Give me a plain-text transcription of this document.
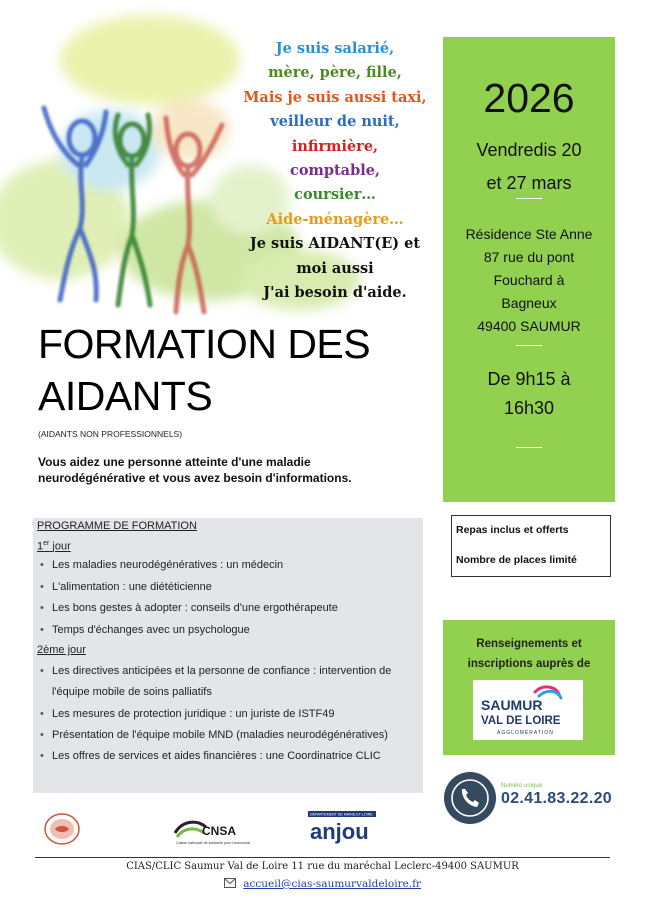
Je suis salarié,
mère, père, fille,
Mais je suis aussi taxi,
veilleur de nuit,
infirmière,
comptable,
coursier…
Aide-ménagère…
Je suis AIDANT(E) et
moi aussi
J'ai besoin d'aide.
FORMATION DES
AIDANTS
(AIDANTS NON PROFESSIONNELS)
Vous aidez une personne atteinte d'une maladie neurodégénérative et vous avez besoin d'informations.
PROGRAMME DE FORMATION
1er jour
• Les maladies neurodégénératives : un médecin
• L'alimentation : une diététicienne
• Les bons gestes à adopter : conseils d'une ergothérapeute
• Temps d'échanges avec un psychologue
2ème jour
• Les directives anticipées et la personne de confiance : intervention de l'équipe mobile de soins palliatifs
• Les mesures de protection juridique : un juriste de ISTF49
• Présentation de l'équipe mobile MND (maladies neurodégénératives)
• Les offres de services et aides financières : une Coordinatrice CLIC
2026
Vendredis 20
et 27 mars
Résidence Ste Anne
87 rue du pont
Fouchard à
Bagneux
49400 SAUMUR
De 9h15 à
16h30
Repas inclus et offerts
Nombre de places limité
Renseignements et
inscriptions auprès de
SAUMUR
VAL DE LOIRE
AGGLOMÉRATION
Numéro unique
02.41.83.22.20
CNSA
Caisse nationale de solidarité pour l'autonomie
DÉPARTEMENT DE MAINE-ET-LOIRE
anjou
CIAS/CLIC Saumur Val de Loire 11 rue du maréchal Leclerc-49400 SAUMUR
accueil@cias-saumurvaldeloire.fr
